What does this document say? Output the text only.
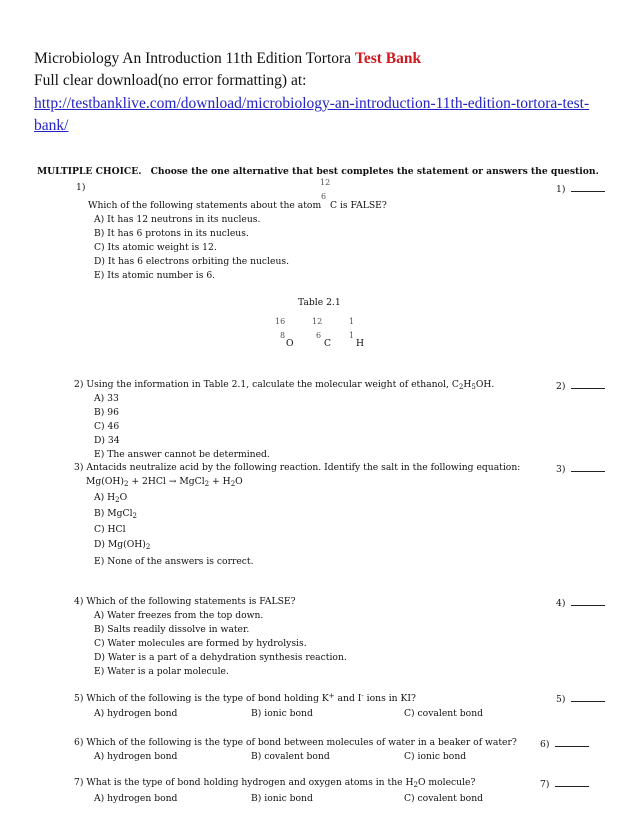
Microbiology An Introduction 11th Edition Tortora Test Bank
Full clear download(no error formatting) at:
http://testbanklive.com/download/microbiology-an-introduction-11th-edition-tortora-test-
bank/
MULTIPLE CHOICE. Choose the one alternative that best completes the statement or answers the question.
1)	1)
12
6
Which of the following statements about the atom C is FALSE?
A) It has 12 neutrons in its nucleus.
B) It has 6 protons in its nucleus.
C) Its atomic weight is 12.
D) It has 6 electrons orbiting the nucleus.
E) Its atomic number is 6.
Table 2.1
16
8
O
12
6
C
1
1
H
2) Using the information in Table 2.1, calculate the molecular weight of ethanol, $C_2H_5OH$.	2)
A) 33
B) 96
C) 46
D) 34
E) The answer cannot be determined.
3) Antacids neutralize acid by the following reaction. Identify the salt in the following equation:	3)
$Mg(OH)_2 + 2HCl$ → MgCl$_2$ + $H_2O$
A) $H_2O$
B) MgCl$_2$
C) HCl
D) $Mg(OH)_2$
E) None of the answers is correct.
4) Which of the following statements is FALSE?	4)
A) Water freezes from the top down.
B) Salts readily dissolve in water.
C) Water molecules are formed by hydrolysis.
D) Water is a part of a dehydration synthesis reaction.
E) Water is a polar molecule.
5) Which of the following is the type of bond holding K+ and I- ions in KI?	5)
A) hydrogen bond	B) ionic bond	C) covalent bond
6) Which of the following is the type of bond between molecules of water in a beaker of water?	6)
A) hydrogen bond	B) covalent bond	C) ionic bond
7) What is the type of bond holding hydrogen and oxygen atoms in the $H_2O$ molecule?	7)
A) hydrogen bond	B) ionic bond	C) covalent bond
